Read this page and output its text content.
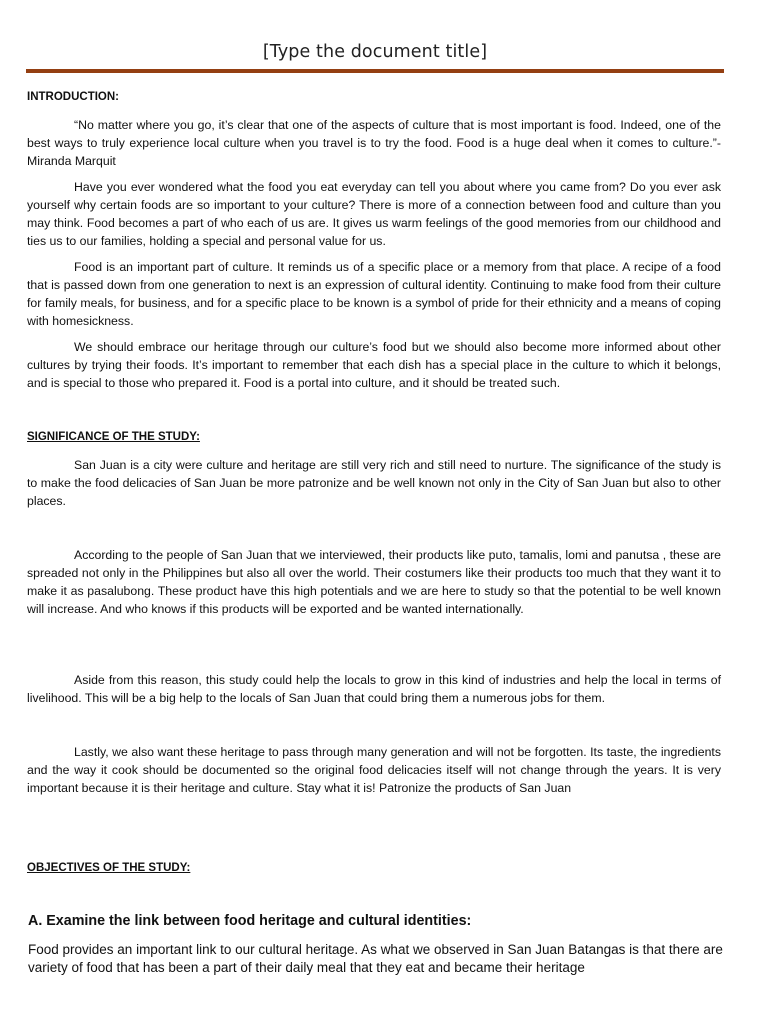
[Type the document title]
INTRODUCTION:

“No matter where you go, it’s clear that one of the aspects of culture that is most important is food. Indeed, one of the best ways to truly experience local culture when you travel is to try the food. Food is a huge deal when it comes to culture.”-Miranda Marquit

Have you ever wondered what the food you eat everyday can tell you about where you came from? Do you ever ask yourself why certain foods are so important to your culture? There is more of a connection between food and culture than you may think. Food becomes a part of who each of us are. It gives us warm feelings of the good memories from our childhood and ties us to our families, holding a special and personal value for us.

Food is an important part of culture. It reminds us of a specific place or a memory from that place. A recipe of a food that is passed down from one generation to next is an expression of cultural identity. Continuing to make food from their culture for family meals, for business, and for a specific place to be known is a symbol of pride for their ethnicity and a means of coping with homesickness.

We should embrace our heritage through our culture’s food but we should also become more informed about other cultures by trying their foods. It’s important to remember that each dish has a special place in the culture to which it belongs, and is special to those who prepared it. Food is a portal into culture, and it should be treated such.

SIGNIFICANCE OF THE STUDY:

San Juan is a city were culture and heritage are still very rich and still need to nurture. The significance of the study is to make the food delicacies of San Juan be more patronize and be well known not only in the City of San Juan but also to other places.

According to the people of San Juan that we interviewed, their products like puto, tamalis, lomi and panutsa , these are spreaded not only in the Philippines but also all over the world. Their costumers like their products too much that they want it to make it as pasalubong. These product have this high potentials and we are here to study so that the potential to be well known will increase. And who knows if this products will be exported and be wanted internationally.

Aside from this reason, this study could help the locals to grow in this kind of industries and help the local in terms of livelihood. This will be a big help to the locals of San Juan that could bring them a numerous jobs for them.

Lastly, we also want these heritage to pass through many generation and will not be forgotten. Its taste, the ingredients and the way it cook should be documented so the original food delicacies itself will not change through the years. It is very important because it is their heritage and culture. Stay what it is! Patronize the products of San Juan

OBJECTIVES OF THE STUDY:
A. Examine the link between food heritage and cultural identities:

Food provides an important link to our cultural heritage. As what we observed in San Juan Batangas is that there are variety of food that has been a part of their daily meal that they eat and became their heritage
